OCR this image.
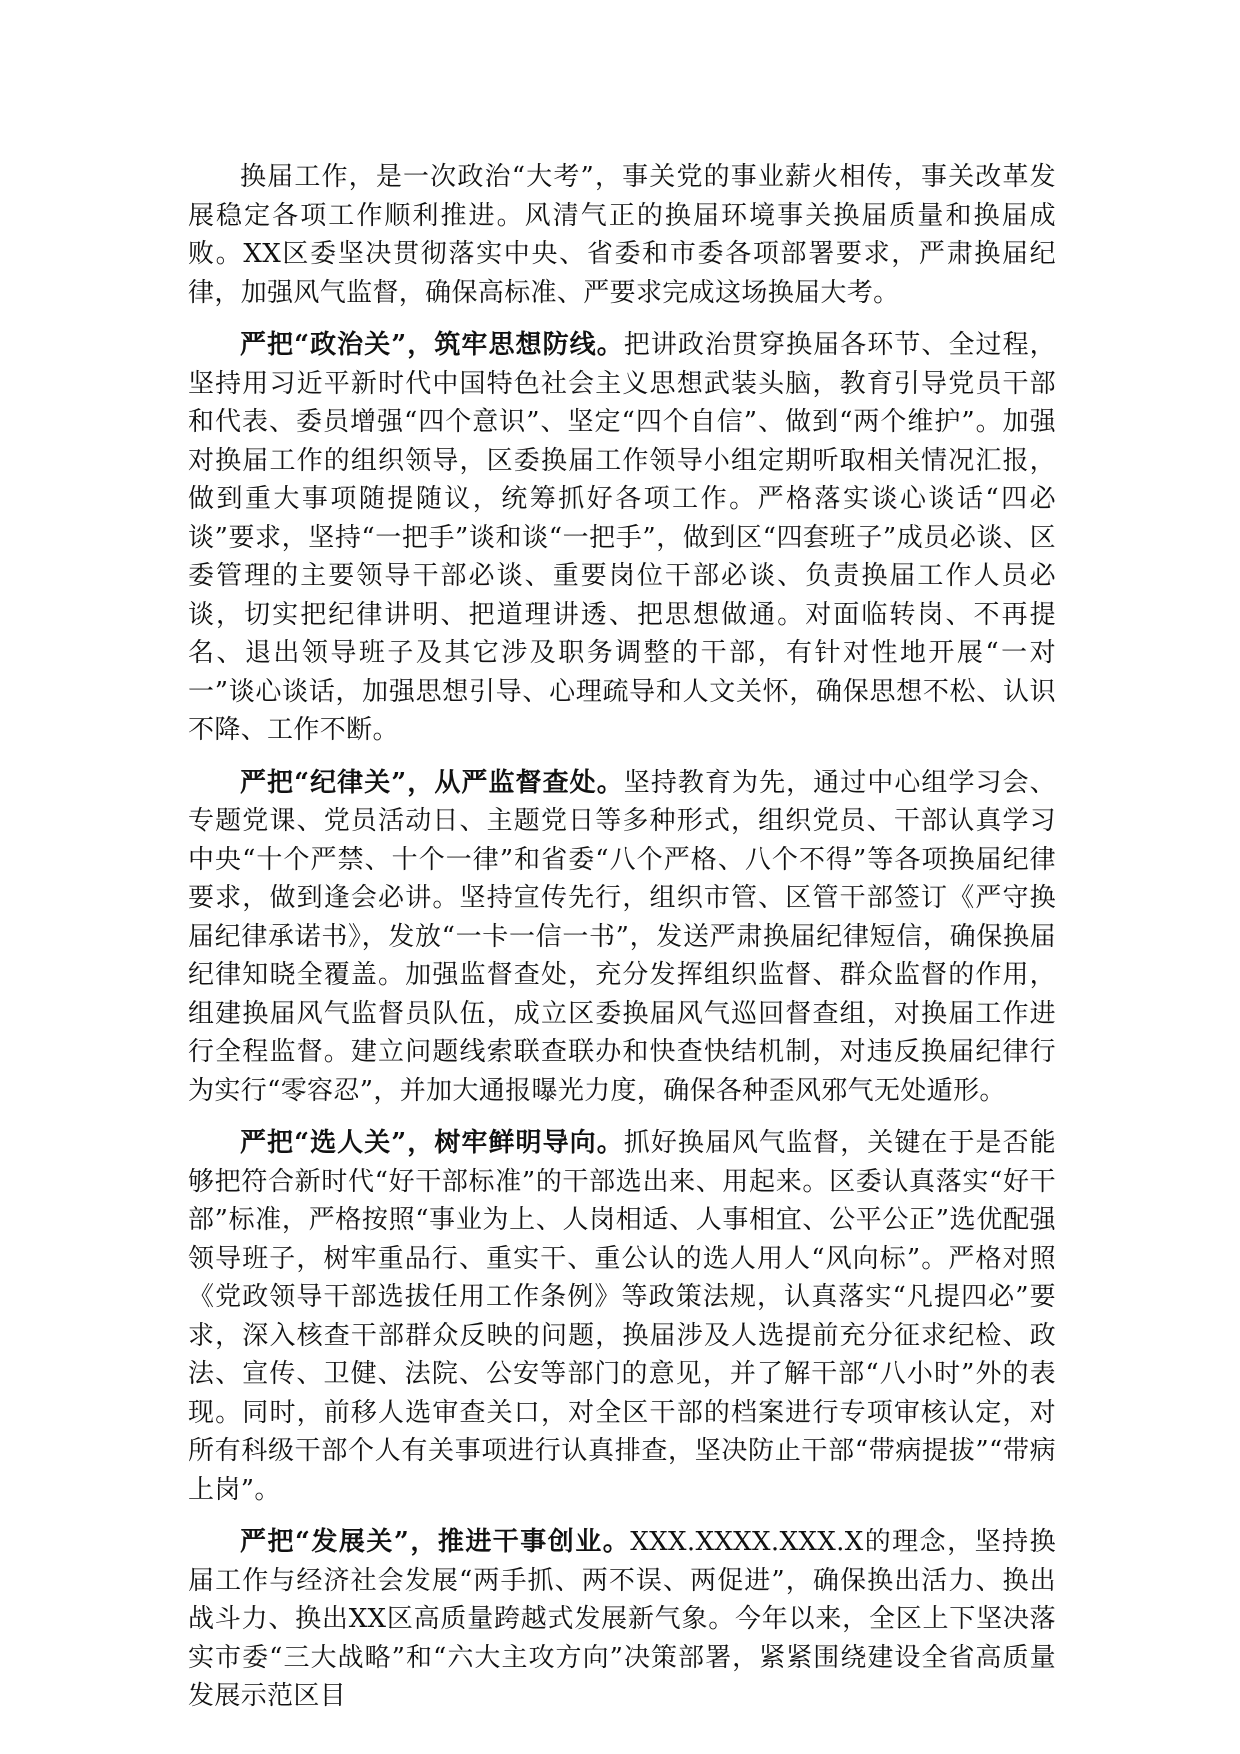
换届工作，是一次政治“大考”，事关党的事业薪火相传，事关改革发展稳定各项工作顺利推进。风清气正的换届环境事关换届质量和换届成败。XX区委坚决贯彻落实中央、省委和市委各项部署要求，严肃换届纪律，加强风气监督，确保高标准、严要求完成这场换届大考。

严把“政治关”，筑牢思想防线。把讲政治贯穿换届各环节、全过程，坚持用习近平新时代中国特色社会主义思想武装头脑，教育引导党员干部和代表、委员增强“四个意识”、坚定“四个自信”、做到“两个维护”。加强对换届工作的组织领导，区委换届工作领导小组定期听取相关情况汇报，做到重大事项随提随议，统筹抓好各项工作。严格落实谈心谈话“四必谈”要求，坚持“一把手”谈和谈“一把手”，做到区“四套班子”成员必谈、区委管理的主要领导干部必谈、重要岗位干部必谈、负责换届工作人员必谈，切实把纪律讲明、把道理讲透、把思想做通。对面临转岗、不再提名、退出领导班子及其它涉及职务调整的干部，有针对性地开展“一对一”谈心谈话，加强思想引导、心理疏导和人文关怀，确保思想不松、认识不降、工作不断。

严把“纪律关”，从严监督查处。坚持教育为先，通过中心组学习会、专题党课、党员活动日、主题党日等多种形式，组织党员、干部认真学习中央“十个严禁、十个一律”和省委“八个严格、八个不得”等各项换届纪律要求，做到逢会必讲。坚持宣传先行，组织市管、区管干部签订《严守换届纪律承诺书》，发放“一卡一信一书”，发送严肃换届纪律短信，确保换届纪律知晓全覆盖。加强监督查处，充分发挥组织监督、群众监督的作用，组建换届风气监督员队伍，成立区委换届风气巡回督查组，对换届工作进行全程监督。建立问题线索联查联办和快查快结机制，对违反换届纪律行为实行“零容忍”，并加大通报曝光力度，确保各种歪风邪气无处遁形。

严把“选人关”，树牢鲜明导向。抓好换届风气监督，关键在于是否能够把符合新时代“好干部标准”的干部选出来、用起来。区委认真落实“好干部”标准，严格按照“事业为上、人岗相适、人事相宜、公平公正”选优配强领导班子，树牢重品行、重实干、重公认的选人用人“风向标”。严格对照《党政领导干部选拔任用工作条例》等政策法规，认真落实“凡提四必”要求，深入核查干部群众反映的问题，换届涉及人选提前充分征求纪检、政法、宣传、卫健、法院、公安等部门的意见，并了解干部“八小时”外的表现。同时，前移人选审查关口，对全区干部的档案进行专项审核认定，对所有科级干部个人有关事项进行认真排查，坚决防止干部“带病提拔”“带病上岗”。

严把“发展关”，推进干事创业。XXX.XXXX.XXX.X的理念，坚持换届工作与经济社会发展“两手抓、两不误、两促进”，确保换出活力、换出战斗力、换出XX区高质量跨越式发展新气象。今年以来，全区上下坚决落实市委“三大战略”和“六大主攻方向”决策部署，紧紧围绕建设全省高质量发展示范区目
